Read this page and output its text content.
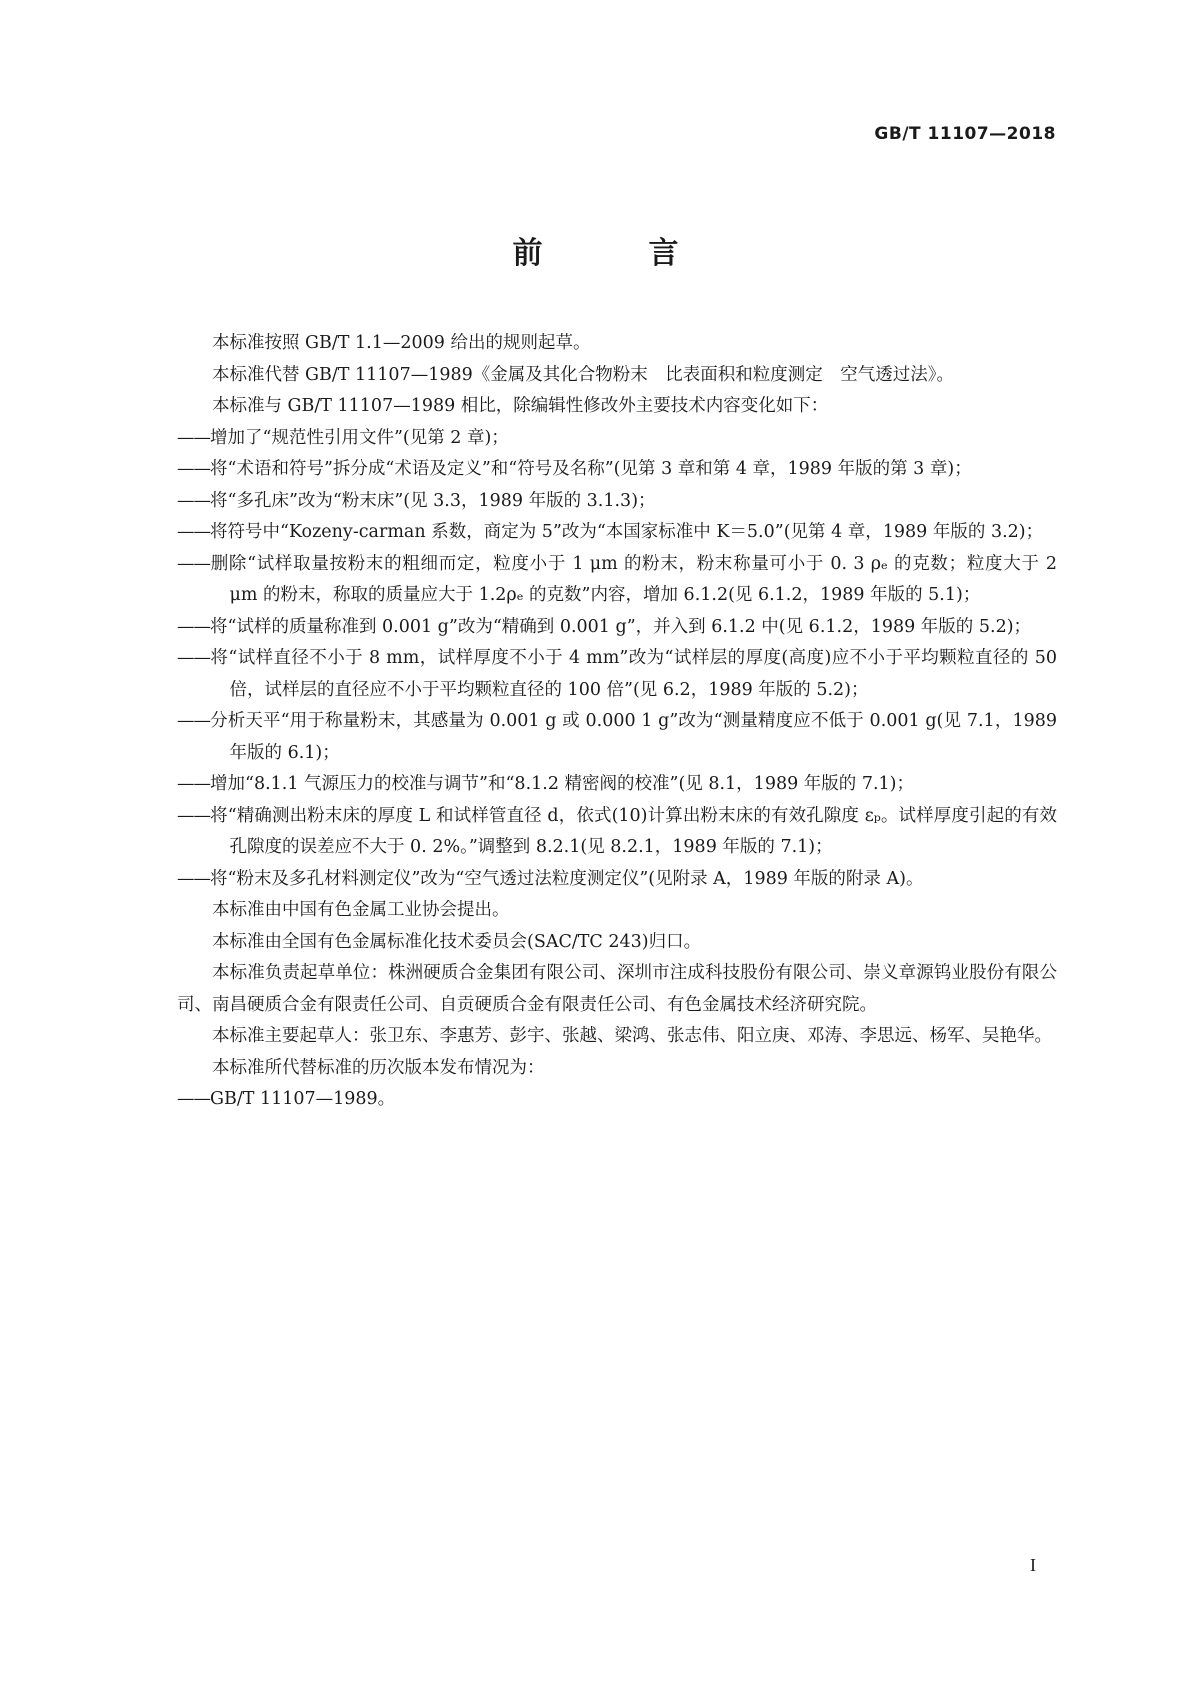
GB/T 11107—2018

前　言

本标准按照 GB/T 1.1—2009 给出的规则起草。

本标准代替 GB/T 11107—1989《金属及其化合物粉末　比表面积和粒度测定　空气透过法》。

本标准与 GB/T 11107—1989 相比，除编辑性修改外主要技术内容变化如下：

——增加了“规范性引用文件”(见第 2 章)；

——将“术语和符号”拆分成“术语及定义”和“符号及名称”(见第 3 章和第 4 章，1989 年版的第 3 章)；

——将“多孔床”改为“粉末床”(见 3.3，1989 年版的 3.1.3)；

——将符号中“Kozeny-carman 系数，商定为 5”改为“本国家标准中 K＝5.0”(见第 4 章，1989 年版的 3.2)；

——删除“试样取量按粉末的粗细而定，粒度小于 1 μm 的粉末，粉末称量可小于 0. 3 ρₑ 的克数；粒度大于 2 μm 的粉末，称取的质量应大于 1.2ρₑ 的克数”内容，增加 6.1.2(见 6.1.2，1989 年版的 5.1)；

——将“试样的质量称准到 0.001 g”改为“精确到 0.001 g”，并入到 6.1.2 中(见 6.1.2，1989 年版的 5.2)；

——将“试样直径不小于 8 mm，试样厚度不小于 4 mm”改为“试样层的厚度(高度)应不小于平均颗粒直径的 50 倍，试样层的直径应不小于平均颗粒直径的 100 倍”(见 6.2，1989 年版的 5.2)；

——分析天平“用于称量粉末，其感量为 0.001 g 或 0.000 1 g”改为“测量精度应不低于 0.001 g(见 7.1，1989 年版的 6.1)；

——增加“8.1.1 气源压力的校准与调节”和“8.1.2 精密阀的校准”(见 8.1，1989 年版的 7.1)；

——将“精确测出粉末床的厚度 L 和试样管直径 d，依式(10)计算出粉末床的有效孔隙度 εₚ。试样厚度引起的有效孔隙度的误差应不大于 0. 2%。”调整到 8.2.1(见 8.2.1，1989 年版的 7.1)；

——将“粉末及多孔材料测定仪”改为“空气透过法粒度测定仪”(见附录 A，1989 年版的附录 A)。

本标准由中国有色金属工业协会提出。

本标准由全国有色金属标准化技术委员会(SAC/TC 243)归口。

本标准负责起草单位：株洲硬质合金集团有限公司、深圳市注成科技股份有限公司、崇义章源钨业股份有限公司、南昌硬质合金有限责任公司、自贡硬质合金有限责任公司、有色金属技术经济研究院。

本标准主要起草人：张卫东、李惠芳、彭宇、张越、梁鸿、张志伟、阳立庚、邓涛、李思远、杨军、吴艳华。

本标准所代替标准的历次版本发布情况为：

——GB/T 11107—1989。

I
